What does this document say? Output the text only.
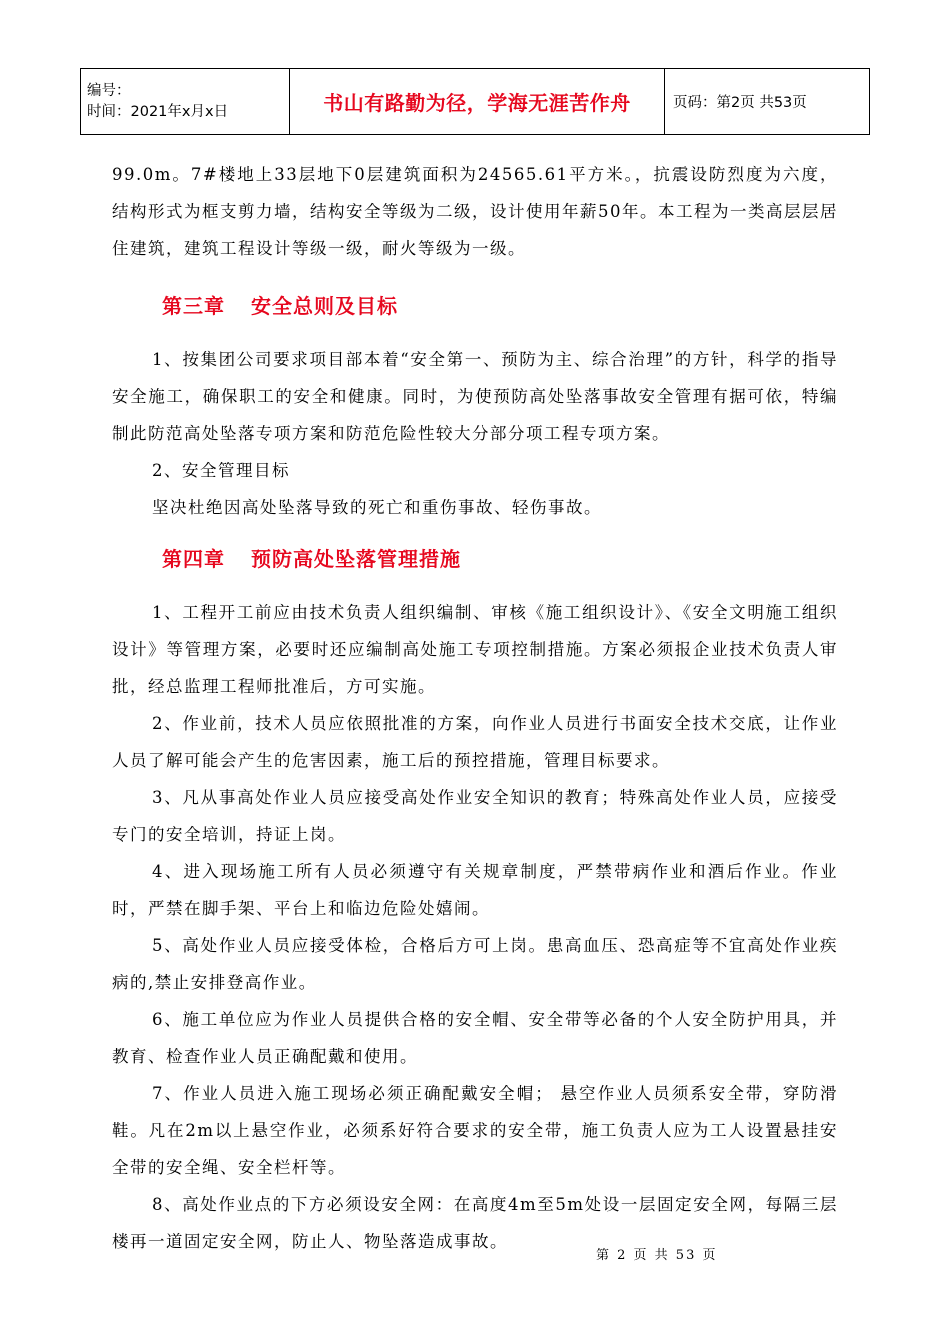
编号：
时间：2021年x月x日	书山有路勤为径，学海无涯苦作舟	页码：第2页 共53页

99.0m。7#楼地上33层地下0层建筑面积为24565.61平方米。，抗震设防烈度为六度，结构形式为框支剪力墙，结构安全等级为二级，设计使用年薪50年。本工程为一类高层层居住建筑，建筑工程设计等级一级，耐火等级为一级。

第三章 安全总则及目标

1、按集团公司要求项目部本着“安全第一、预防为主、综合治理”的方针，科学的指导安全施工，确保职工的安全和健康。同时，为使预防高处坠落事故安全管理有据可依，特编制此防范高处坠落专项方案和防范危险性较大分部分项工程专项方案。

2、安全管理目标

坚决杜绝因高处坠落导致的死亡和重伤事故、轻伤事故。

第四章 预防高处坠落管理措施

1、工程开工前应由技术负责人组织编制、审核《施工组织设计》、《安全文明施工组织设计》等管理方案，必要时还应编制高处施工专项控制措施。方案必须报企业技术负责人审批，经总监理工程师批准后，方可实施。

2、作业前，技术人员应依照批准的方案，向作业人员进行书面安全技术交底，让作业人员了解可能会产生的危害因素，施工后的预控措施，管理目标要求。

3、凡从事高处作业人员应接受高处作业安全知识的教育；特殊高处作业人员，应接受专门的安全培训，持证上岗。

4、进入现场施工所有人员必须遵守有关规章制度，严禁带病作业和酒后作业。作业时，严禁在脚手架、平台上和临边危险处嬉闹。

5、高处作业人员应接受体检，合格后方可上岗。患高血压、恐高症等不宜高处作业疾病的,禁止安排登高作业。

6、施工单位应为作业人员提供合格的安全帽、安全带等必备的个人安全防护用具，并教育、检查作业人员正确配戴和使用。

7、作业人员进入施工现场必须正确配戴安全帽； 悬空作业人员须系安全带，穿防滑鞋。凡在2m以上悬空作业，必须系好符合要求的安全带，施工负责人应为工人设置悬挂安全带的安全绳、安全栏杆等。

8、高处作业点的下方必须设安全网：在高度4m至5m处设一层固定安全网，每隔三层楼再一道固定安全网，防止人、物坠落造成事故。

第 2 页 共 53 页
